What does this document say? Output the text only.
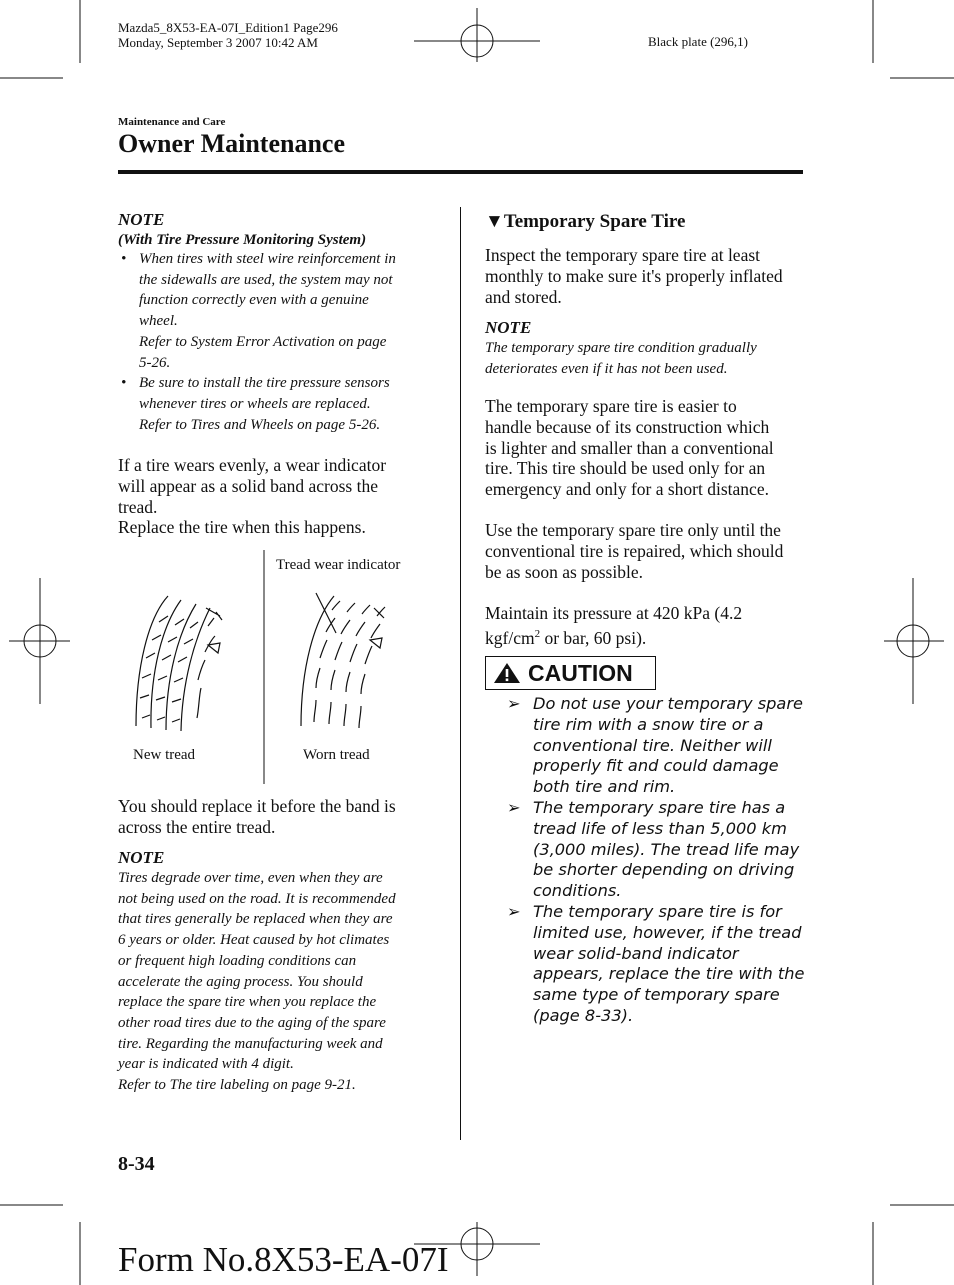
Mazda5_8X53-EA-07I_Edition1 Page296
Monday, September 3 2007 10:42 AM	Black plate (296,1)
Maintenance and Care
Owner Maintenance
NOTE
(With Tire Pressure Monitoring System)
• When tires with steel wire reinforcement in
the sidewalls are used, the system may not
function correctly even with a genuine
wheel.
Refer to System Error Activation on page
5-26.
• Be sure to install the tire pressure sensors
whenever tires or wheels are replaced.
Refer to Tires and Wheels on page 5-26.
If a tire wears evenly, a wear indicator
will appear as a solid band across the
tread.
Replace the tire when this happens.
Tread wear indicator
New tread	Worn tread
You should replace it before the band is
across the entire tread.
NOTE
Tires degrade over time, even when they are
not being used on the road. It is recommended
that tires generally be replaced when they are
6 years or older. Heat caused by hot climates
or frequent high loading conditions can
accelerate the aging process. You should
replace the spare tire when you replace the
other road tires due to the aging of the spare
tire. Regarding the manufacturing week and
year is indicated with 4 digit.
Refer to The tire labeling on page 9-21.
▼Temporary Spare Tire
Inspect the temporary spare tire at least
monthly to make sure it's properly inflated
and stored.
NOTE
The temporary spare tire condition gradually
deteriorates even if it has not been used.
The temporary spare tire is easier to
handle because of its construction which
is lighter and smaller than a conventional
tire. This tire should be used only for an
emergency and only for a short distance.
Use the temporary spare tire only until the
conventional tire is repaired, which should
be as soon as possible.
Maintain its pressure at 420 kPa (4.2
kgf/$cm^2$ or bar, 60 psi).
CAUTION
➢ Do not use your temporary spare
tire rim with a snow tire or a
conventional tire. Neither will
properly fit and could damage
both tire and rim.
➢ The temporary spare tire has a
tread life of less than 5,000 km
(3,000 miles). The tread life may
be shorter depending on driving
conditions.
➢ The temporary spare tire is for
limited use, however, if the tread
wear solid-band indicator
appears, replace the tire with the
same type of temporary spare
(page 8-33).
8-34
Form No.8X53-EA-07I
